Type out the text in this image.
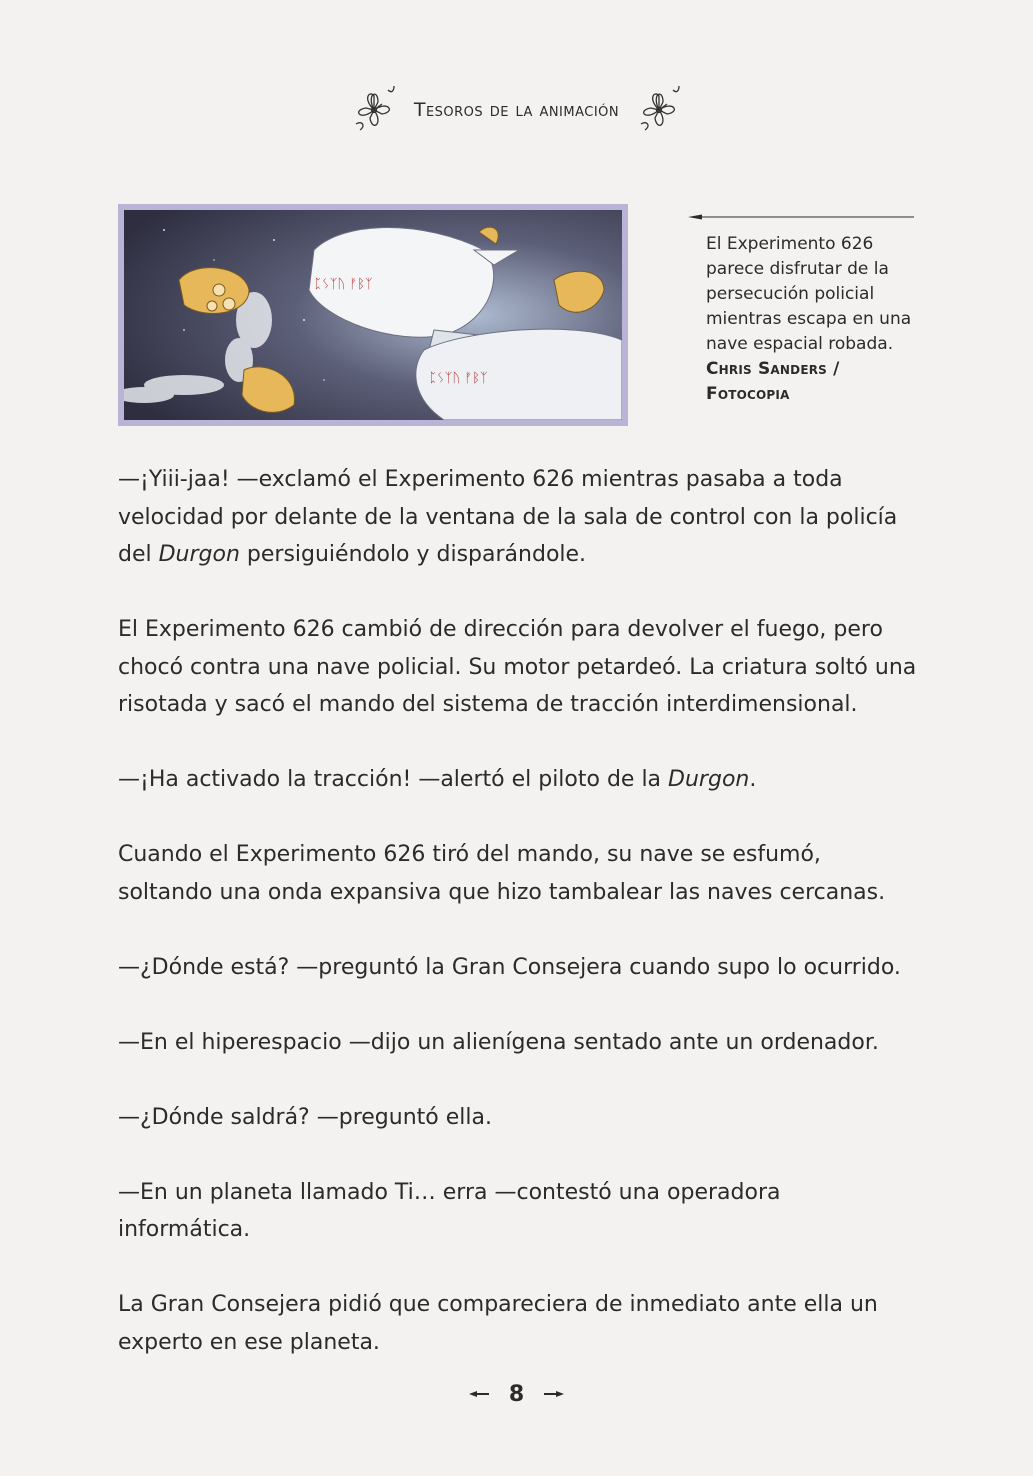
Tesoros de la animación
ᛈᛊᛉᚢ ᚠᛒᛉ
ᛈᛊᛉᚢ ᚠᛒᛉ
El Experimento 626 parece disfrutar de la persecución policial mientras escapa en una nave espacial robada.
Chris Sanders / Fotocopia

—¡Yiii-jaa! —exclamó el Experimento 626 mientras pasaba a toda velocidad por delante de la ventana de la sala de control con la policía del Durgon persiguiéndolo y disparándole.

El Experimento 626 cambió de dirección para devolver el fuego, pero chocó contra una nave policial. Su motor petardeó. La criatura soltó una risotada y sacó el mando del sistema de tracción interdimensional.

—¡Ha activado la tracción! —alertó el piloto de la Durgon.

Cuando el Experimento 626 tiró del mando, su nave se esfumó, soltando una onda expansiva que hizo tambalear las naves cercanas.

—¿Dónde está? —preguntó la Gran Consejera cuando supo lo ocurrido.

—En el hiperespacio —dijo un alienígena sentado ante un ordenador.

—¿Dónde saldrá? —preguntó ella.

—En un planeta llamado Ti… erra —contestó una operadora informática.

La Gran Consejera pidió que compareciera de inmediato ante ella un experto en ese planeta.

8
